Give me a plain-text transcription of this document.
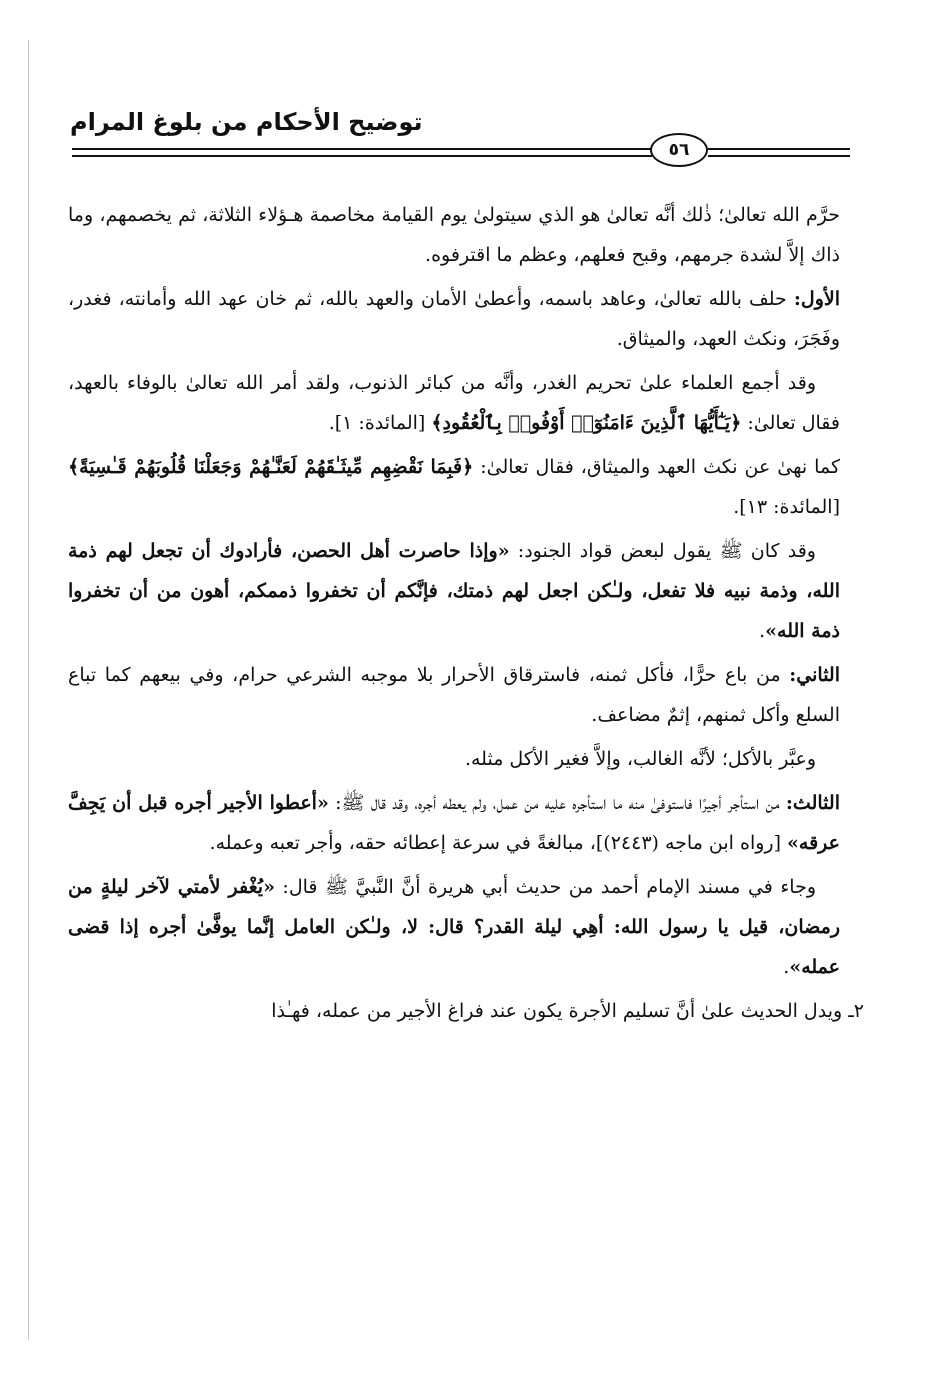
توضيح الأحكام من بلوغ المرام
٥٦

حرَّم الله تعالىٰ؛ ذٰلك أنَّه تعالىٰ هو الذي سيتولىٰ يوم القيامة مخاصمة هـؤلاء الثلاثة، ثم يخصمهم، وما ذاك إلاَّ لشدة جرمهم، وقبح فعلهم، وعظم ما اقترفوه.

الأول: حلف بالله تعالىٰ، وعاهد باسمه، وأعطىٰ الأمان والعهد بالله، ثم خان عهد الله وأمانته، فغدر، وفَجَرَ، ونكث العهد، والميثاق.

وقد أجمع العلماء علىٰ تحريم الغدر، وأنَّه من كبائر الذنوب، ولقد أمر الله تعالىٰ بالوفاء بالعهد، فقال تعالىٰ: ﴿يَـٰٓأَيُّهَا ٱلَّذِينَ ءَامَنُوٓا۟ أَوْفُوا۟ بِٱلْعُقُودِ﴾ [المائدة: ١].

كما نهىٰ عن نكث العهد والميثاق، فقال تعالىٰ: ﴿فَبِمَا نَقْضِهِم مِّيثَـٰقَهُمْ لَعَنَّـٰهُمْ وَجَعَلْنَا قُلُوبَهُمْ قَـٰسِيَةً﴾ [المائدة: ١٣].

وقد كان ﷺ يقول لبعض قواد الجنود: «وإذا حاصرت أهل الحصن، فأرادوك أن تجعل لهم ذمة الله، وذمة نبيه فلا تفعل، ولـٰكن اجعل لهم ذمتك، فإنَّكم أن تخفروا ذممكم، أهون من أن تخفروا ذمة الله».

الثاني: من باع حرًّا، فأكل ثمنه، فاسترقاق الأحرار بلا موجبه الشرعي حرام، وفي بيعهم كما تباع السلع وأكل ثمنهم، إثمٌ مضاعف.

وعبَّر بالأكل؛ لأنَّه الغالب، وإلاَّ فغير الأكل مثله.

الثالث: من استأجر أجيرًا فاستوفىٰ منه ما استأجره عليه من عمل، ولم يعطه أجره، وقد قال ﷺ: «أعطوا الأجير أجره قبل أن يَجِفَّ عرقه» [رواه ابن ماجه (٢٤٤٣)]، مبالغةً في سرعة إعطائه حقه، وأجر تعبه وعمله.

وجاء في مسند الإمام أحمد من حديث أبي هريرة أنَّ النَّبيَّ ﷺ قال: «يُغْفر لأمتي لآخر ليلةٍ من رمضان، قيل يا رسول الله: أهِي ليلة القدر؟ قال: لا، ولـٰكن العامل إنَّما يوفَّىٰ أجره إذا قضى عمله».

٢ـ ويدل الحديث علىٰ أنَّ تسليم الأجرة يكون عند فراغ الأجير من عمله، فهـٰذا
